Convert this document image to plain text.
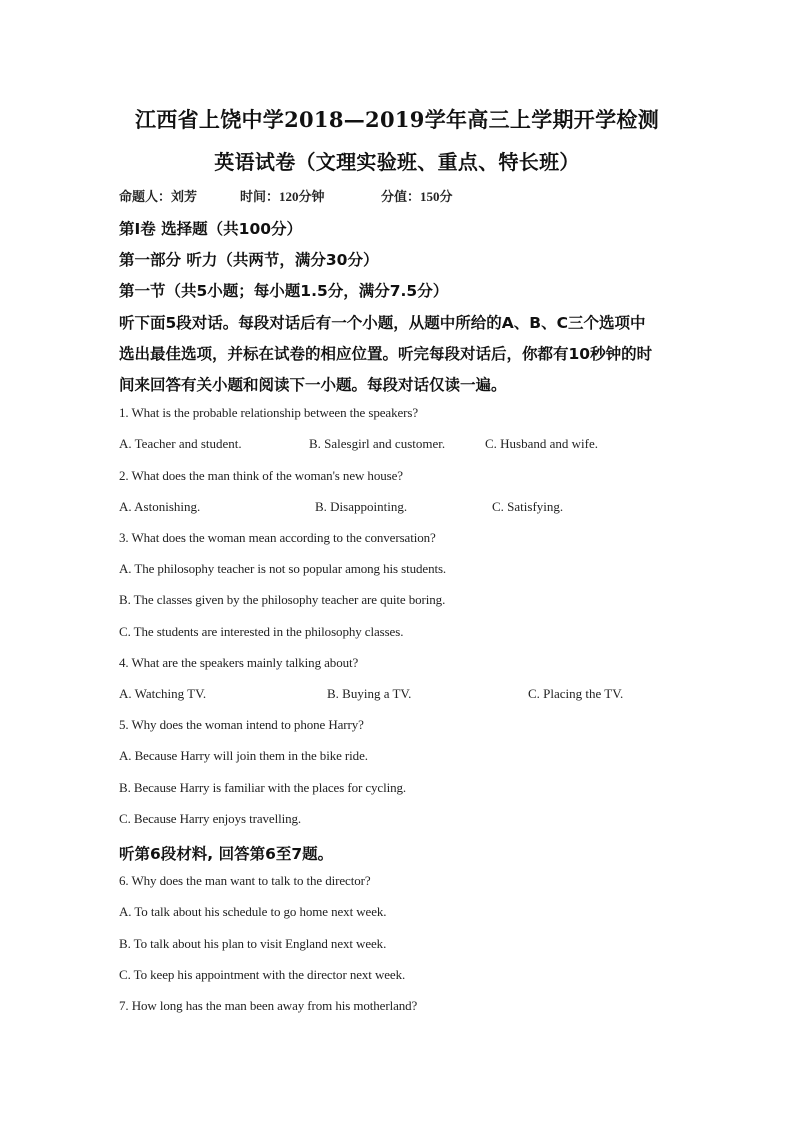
江西省上饶中学2018—2019学年高三上学期开学检测
英语试卷（文理实验班、重点、特长班）
命题人：刘芳	时间：120分钟	分值：150分
第I卷 选择题（共100分）
第一部分 听力（共两节，满分30分）
第一节（共5小题；每小题1.5分，满分7.5分）
听下面5段对话。每段对话后有一个小题，从题中所给的A、B、C三个选项中
选出最佳选项，并标在试卷的相应位置。听完每段对话后，你都有10秒钟的时
间来回答有关小题和阅读下一小题。每段对话仅读一遍。
1. What is the probable relationship between the speakers?
A. Teacher and student.	B. Salesgirl and customer.	C. Husband and wife.
2. What does the man think of the woman's new house?
A. Astonishing.	B. Disappointing.	C. Satisfying.
3. What does the woman mean according to the conversation?
A. The philosophy teacher is not so popular among his students.
B. The classes given by the philosophy teacher are quite boring.
C. The students are interested in the philosophy classes.
4. What are the speakers mainly talking about?
A. Watching TV.	B. Buying a TV.	C. Placing the TV.
5. Why does the woman intend to phone Harry?
A. Because Harry will join them in the bike ride.
B. Because Harry is familiar with the places for cycling.
C. Because Harry enjoys travelling.
听第6段材料, 回答第6至7题。
6. Why does the man want to talk to the director?
A. To talk about his schedule to go home next week.
B. To talk about his plan to visit England next week.
C. To keep his appointment with the director next week.
7. How long has the man been away from his motherland?
